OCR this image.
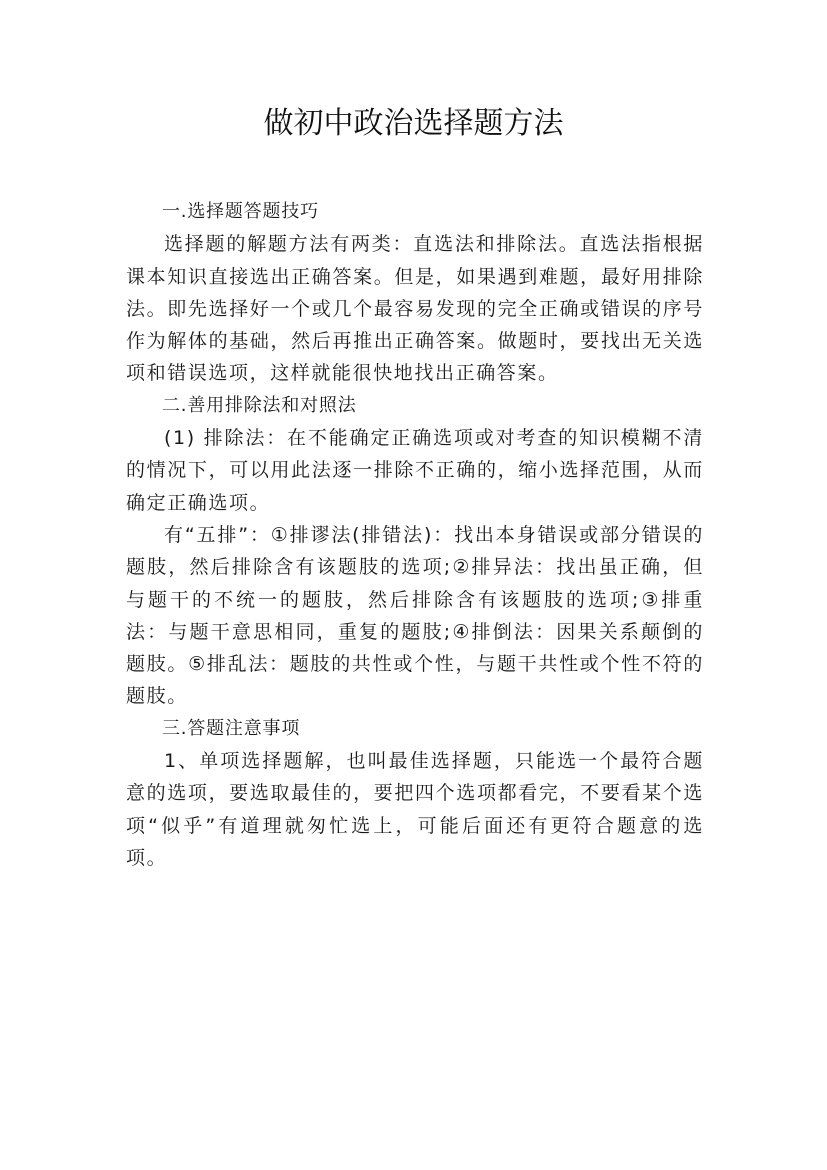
做初中政治选择题方法

一.选择题答题技巧

选择题的解题方法有两类：直选法和排除法。直选法指根据课本知识直接选出正确答案。但是，如果遇到难题，最好用排除法。即先选择好一个或几个最容易发现的完全正确或错误的序号作为解体的基础，然后再推出正确答案。做题时，要找出无关选项和错误选项，这样就能很快地找出正确答案。

二.善用排除法和对照法

(1) 排除法：在不能确定正确选项或对考查的知识模糊不清的情况下，可以用此法逐一排除不正确的，缩小选择范围，从而确定正确选项。

有“五排”：①排谬法(排错法)：找出本身错误或部分错误的题肢，然后排除含有该题肢的选项;②排异法：找出虽正确，但与题干的不统一的题肢，然后排除含有该题肢的选项;③排重法：与题干意思相同，重复的题肢;④排倒法：因果关系颠倒的题肢。⑤排乱法：题肢的共性或个性，与题干共性或个性不符的题肢。

三.答题注意事项

1、单项选择题解，也叫最佳选择题，只能选一个最符合题意的选项，要选取最佳的，要把四个选项都看完，不要看某个选项“似乎”有道理就匆忙选上，可能后面还有更符合题意的选项。
